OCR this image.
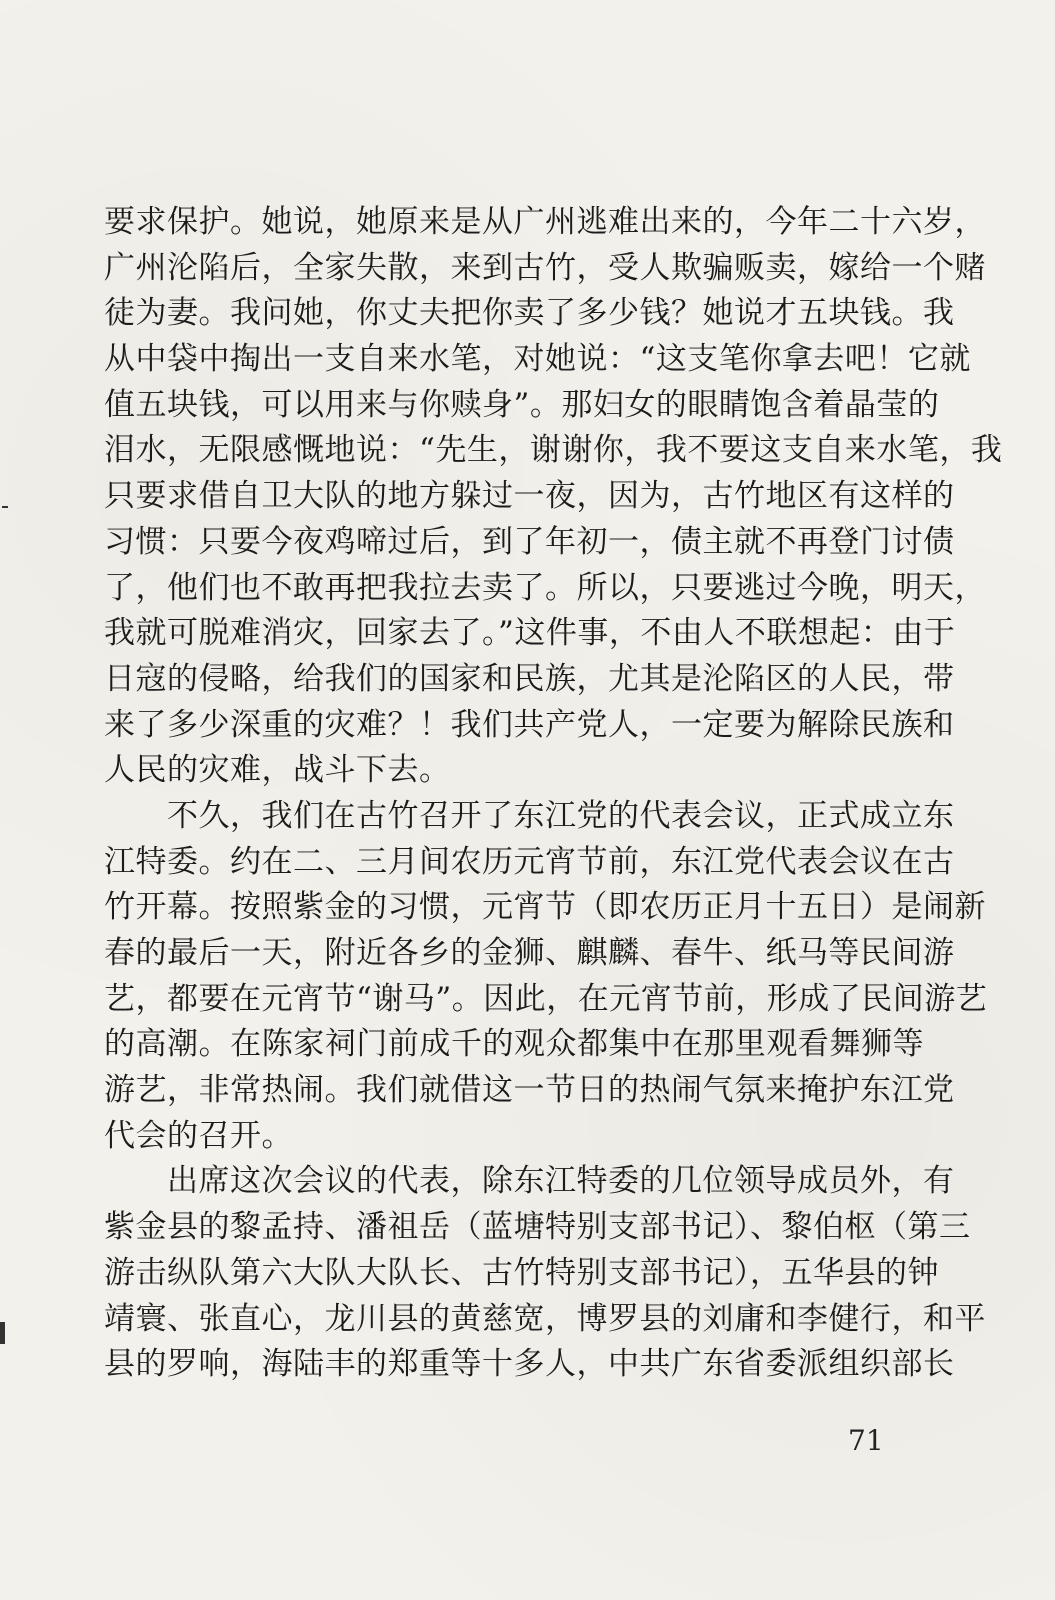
要求保护。她说，她原来是从广州逃难出来的，今年二十六岁，
广州沦陷后，全家失散，来到古竹，受人欺骗贩卖，嫁给一个赌
徒为妻。我问她，你丈夫把你卖了多少钱？她说才五块钱。我
从中袋中掏出一支自来水笔，对她说：“这支笔你拿去吧！它就
值五块钱，可以用来与你赎身”。那妇女的眼睛饱含着晶莹的
泪水，无限感慨地说：“先生，谢谢你，我不要这支自来水笔，我
只要求借自卫大队的地方躲过一夜，因为，古竹地区有这样的
习惯：只要今夜鸡啼过后，到了年初一，债主就不再登门讨债
了，他们也不敢再把我拉去卖了。所以，只要逃过今晚，明天，
我就可脱难消灾，回家去了。”这件事，不由人不联想起：由于
日寇的侵略，给我们的国家和民族，尤其是沦陷区的人民，带
来了多少深重的灾难？！我们共产党人，一定要为解除民族和
人民的灾难，战斗下去。
　　不久，我们在古竹召开了东江党的代表会议，正式成立东
江特委。约在二、三月间农历元宵节前，东江党代表会议在古
竹开幕。按照紫金的习惯，元宵节（即农历正月十五日）是闹新
春的最后一天，附近各乡的金狮、麒麟、春牛、纸马等民间游
艺，都要在元宵节“谢马”。因此，在元宵节前，形成了民间游艺
的高潮。在陈家祠门前成千的观众都集中在那里观看舞狮等
游艺，非常热闹。我们就借这一节日的热闹气氛来掩护东江党
代会的召开。
　　出席这次会议的代表，除东江特委的几位领导成员外，有
紫金县的黎孟持、潘祖岳（蓝塘特别支部书记）、黎伯枢（第三
游击纵队第六大队大队长、古竹特别支部书记），五华县的钟
靖寰、张直心，龙川县的黄慈宽，博罗县的刘庸和李健行，和平
县的罗响，海陆丰的郑重等十多人，中共广东省委派组织部长
71
